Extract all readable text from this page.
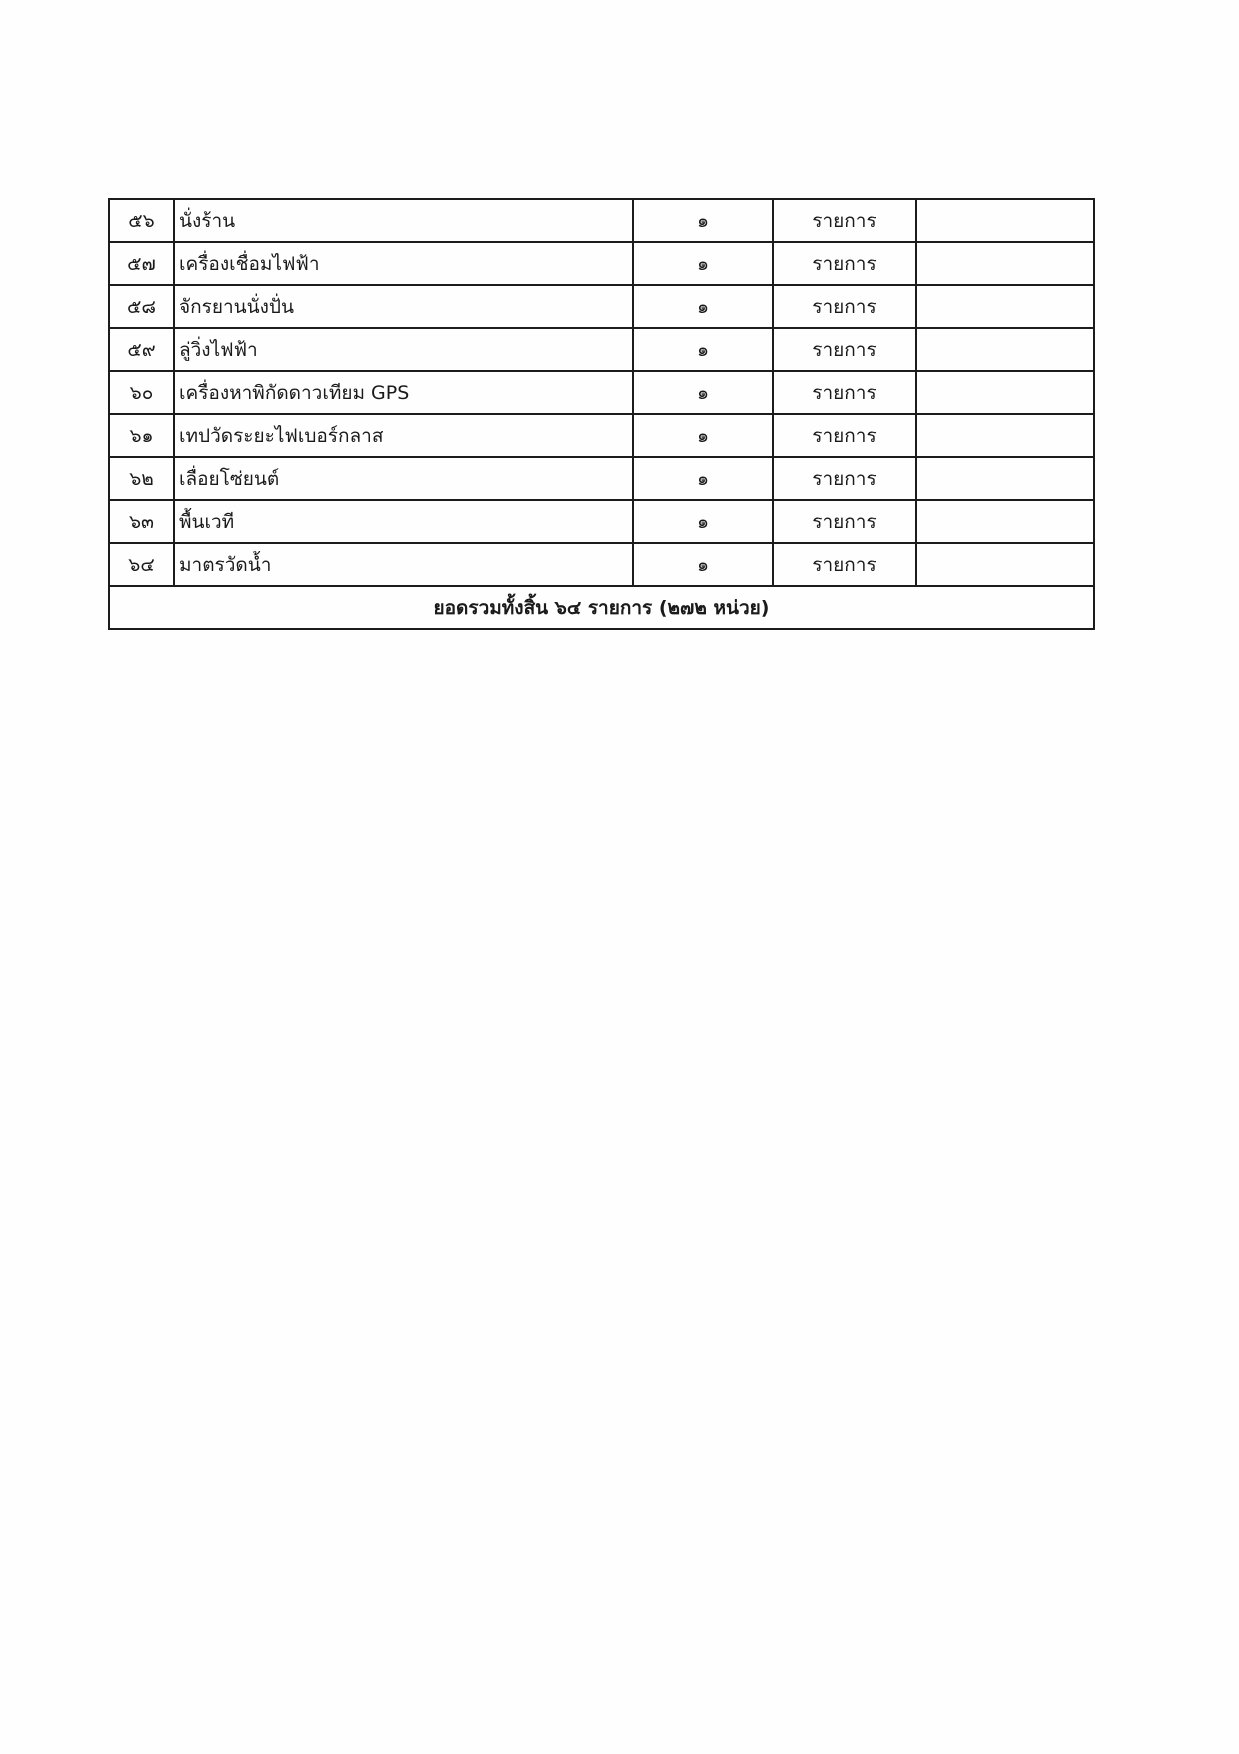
๕๖	นั่งร้าน	๑	รายการ	
๕๗	เครื่องเชื่อมไฟฟ้า	๑	รายการ	
๕๘	จักรยานนั่งปั่น	๑	รายการ	
๕๙	ลู่วิ่งไฟฟ้า	๑	รายการ	
๖๐	เครื่องหาพิกัดดาวเทียม GPS	๑	รายการ	
๖๑	เทปวัดระยะไฟเบอร์กลาส	๑	รายการ	
๖๒	เลื่อยโซ่ยนต์	๑	รายการ	
๖๓	พื้นเวที	๑	รายการ	
๖๔	มาตรวัดน้ำ	๑	รายการ	
ยอดรวมทั้งสิ้น ๖๔ รายการ (๒๗๒ หน่วย)				
